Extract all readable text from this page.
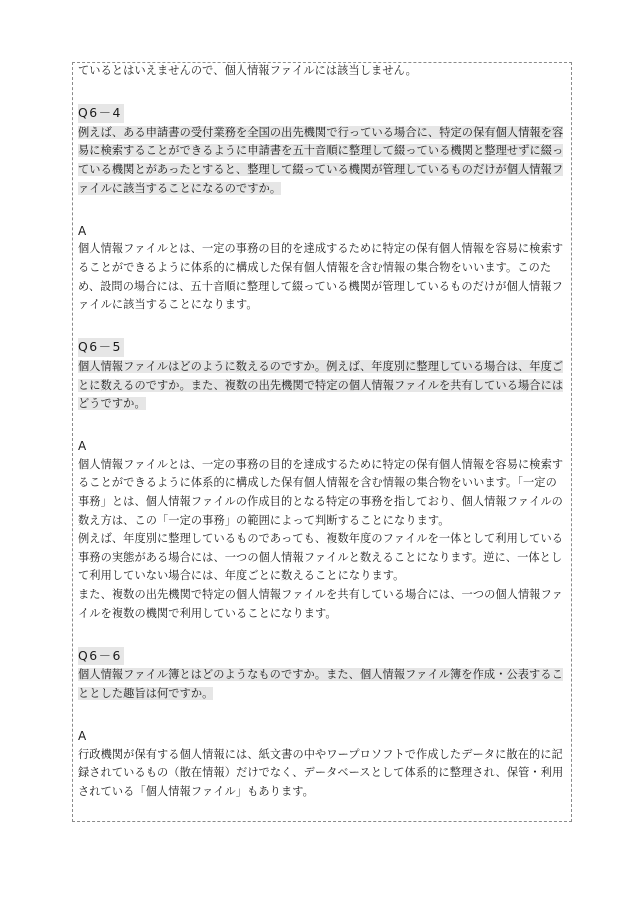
ているとはいえませんので、個人情報ファイルには該当しません。

Q6－4

例えば、ある申請書の受付業務を全国の出先機関で行っている場合に、特定の保有個人情報を容易に検索することができるように申請書を五十音順に整理して綴っている機関と整理せずに綴っている機関とがあったとすると、整理して綴っている機関が管理しているものだけが個人情報ファイルに該当することになるのですか。

A

個人情報ファイルとは、一定の事務の目的を達成するために特定の保有個人情報を容易に検索することができるように体系的に構成した保有個人情報を含む情報の集合物をいいます。このため、設問の場合には、五十音順に整理して綴っている機関が管理しているものだけが個人情報ファイルに該当することになります。

Q6－5

個人情報ファイルはどのように数えるのですか。例えば、年度別に整理している場合は、年度ごとに数えるのですか。また、複数の出先機関で特定の個人情報ファイルを共有している場合にはどうですか。

A

個人情報ファイルとは、一定の事務の目的を達成するために特定の保有個人情報を容易に検索することができるように体系的に構成した保有個人情報を含む情報の集合物をいいます。「一定の事務」とは、個人情報ファイルの作成目的となる特定の事務を指しており、個人情報ファイルの数え方は、この「一定の事務」の範囲によって判断することになります。

例えば、年度別に整理しているものであっても、複数年度のファイルを一体として利用している事務の実態がある場合には、一つの個人情報ファイルと数えることになります。逆に、一体として利用していない場合には、年度ごとに数えることになります。

また、複数の出先機関で特定の個人情報ファイルを共有している場合には、一つの個人情報ファイルを複数の機関で利用していることになります。

Q6－6

個人情報ファイル簿とはどのようなものですか。また、個人情報ファイル簿を作成・公表することとした趣旨は何ですか。

A

行政機関が保有する個人情報には、紙文書の中やワープロソフトで作成したデータに散在的に記録されているもの（散在情報）だけでなく、データベースとして体系的に整理され、保管・利用されている「個人情報ファイル」もあります。
